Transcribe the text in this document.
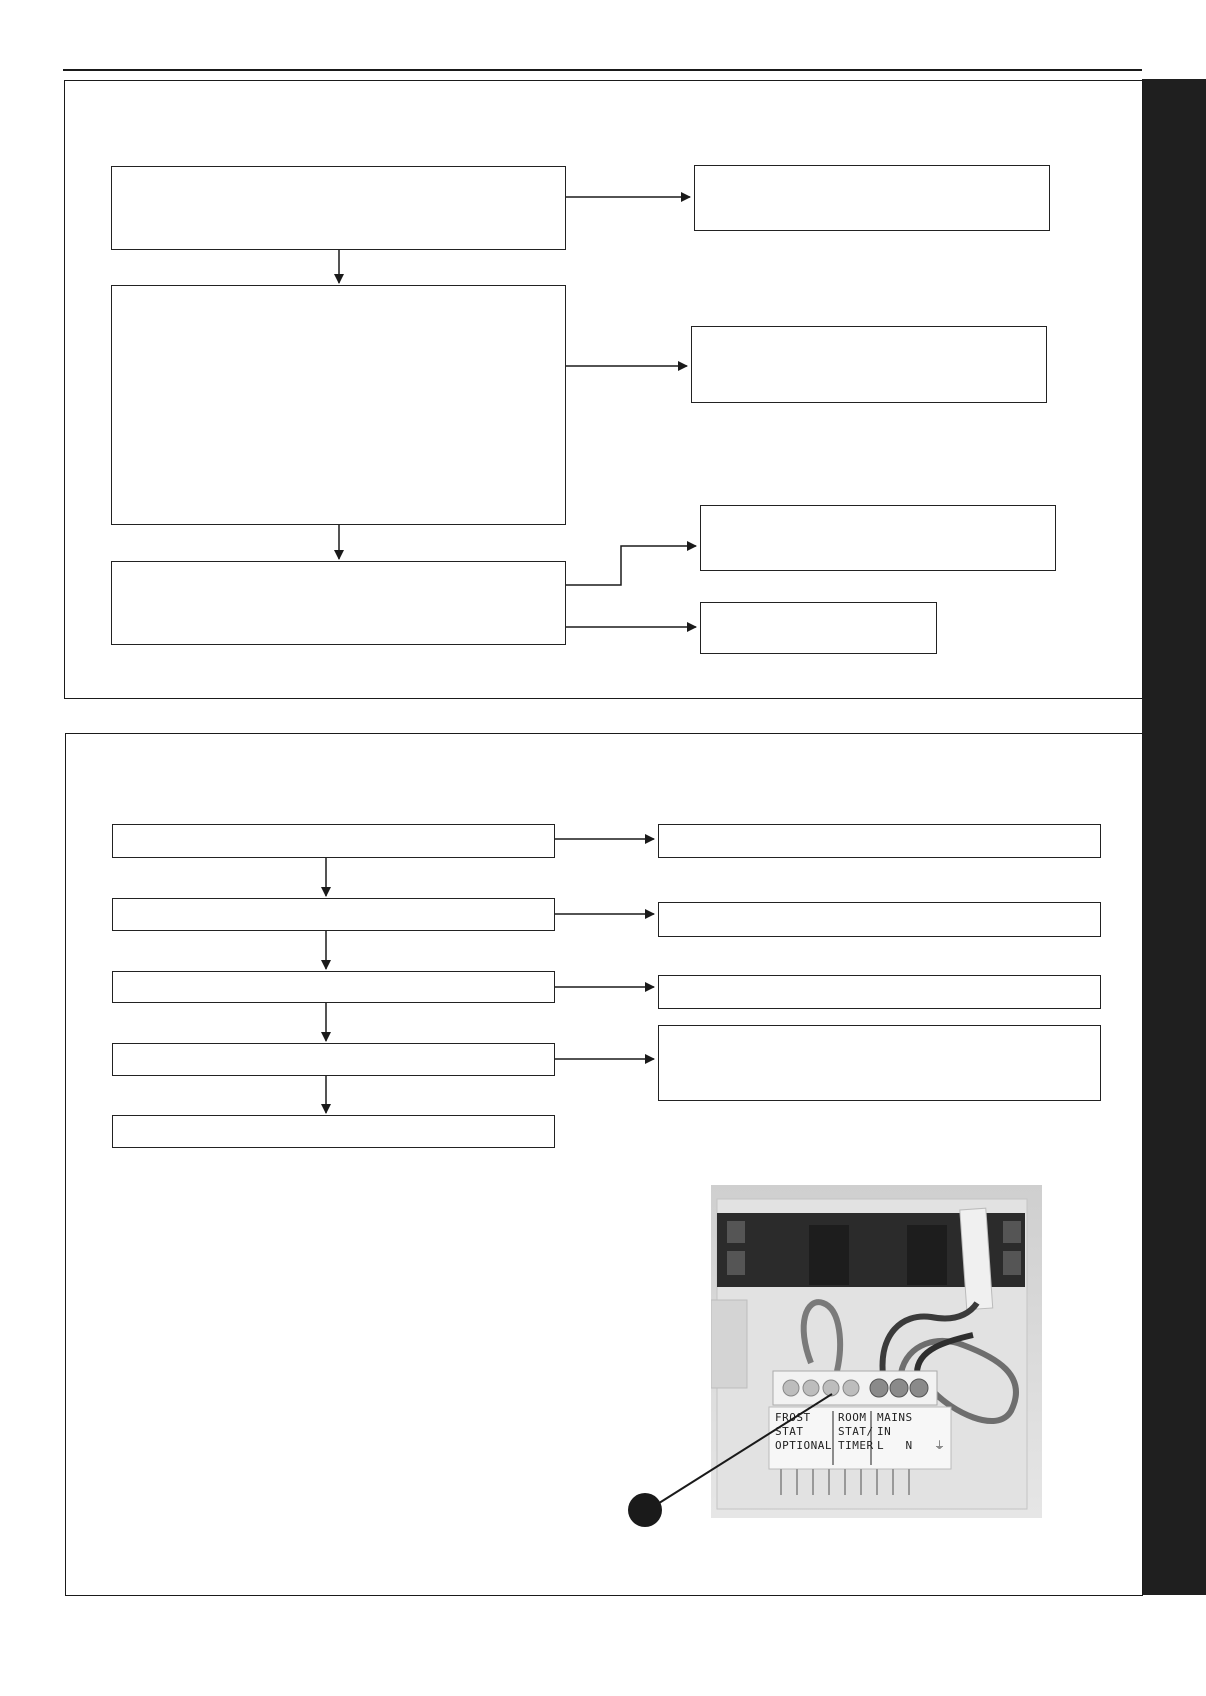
FROST
STAT
OPTIONAL
ROOM
STAT/
TIMER
MAINS
IN
L   N   ⏚
